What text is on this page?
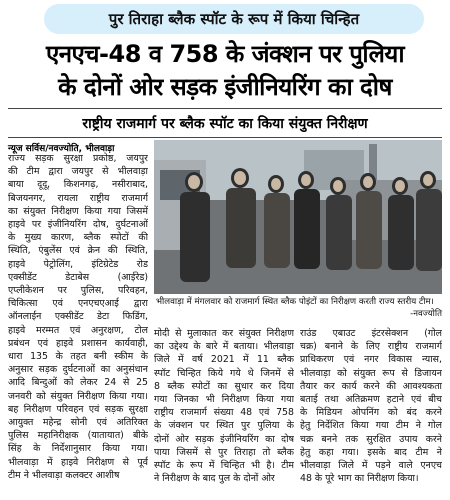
पुर तिराहा ब्लैक स्पॉट के रूप में किया चिन्हित
एनएच-48 व 758 के जंक्शन पर पुलिया
के दोनों ओर सड़क इंजीनियरिंग का दोष
राष्ट्रीय राजमार्ग पर ब्लैक स्पॉट का किया संयुक्त निरीक्षण
न्यूज सर्विस/नवज्योति, भीलवाड़ा
राज्य सड़क सुरक्षा प्रकोष्ठ, जयपुर
की टीम द्वारा जयपुर से भीलवाड़ा
बाया दूदू, किशनगढ़, नसीराबाद,
बिजयनगर, रायला राष्ट्रीय राजमार्ग
का संयुक्त निरीक्षण किया गया जिसमें
हाइवे पर इंजीनियरिंग दोष, दुर्घटनाओं
के मुख्य कारण, ब्लैक स्पोटों की
स्थिति, एंबुलेंस एवं क्रेन की स्थिति,
हाइवे पेट्रोलिंग, इंटिग्रेटेड रोड
एक्सीडेंट डेटाबेस (आईरेड)
एप्लीकेशन पर पुलिस, परिवहन,
चिकित्सा एवं एनएचएआई द्वारा
ऑनलाईन एक्सीडेंट डेटा फिडिंग,
हाइवे मरम्मत एवं अनुरक्षण, टोल
प्रबंधन एवं हाइवे प्रशासन कार्यवाही,
धारा 135 के तहत बनी स्कीम के
अनुसार सड़क दुर्घटनाओं का अनुसंधान
आदि बिन्दुओं को लेकर 24 से 25
जनवरी को संयुक्त निरीक्षण किया गया।
बह निरीक्षण परिवहन एवं सड़क सुरक्षा
आयुक्त महेन्द्र सोनी एवं अतिरिक्त
पुलिस महानिरीक्षक (यातायात) बीके
सिंह के निर्देशानुसार किया गया।
भीलवाड़ा में हाइवे निरीक्षण से पूर्व
टीम ने भीलवाड़ा कलक्टर आशीष
भीलवाड़ा में मंगलवार को राजमार्ग स्थित ब्लैक पोइंटों का निरीक्षण करती राज्य स्तरीय टीम।
-नवज्योति
मोदी से मुलाकात कर संयुक्त निरीक्षण
का उद्देश्य के बारे में बताया। भीलवाड़ा
जिले में वर्ष 2021 में 11 ब्लैक
स्पॉट चिन्हित किये गये थे जिनमें से
8 ब्लैक स्पोटों का सुधार कर दिया
गया जिनका भी निरीक्षण किया गया
राष्ट्रीय राजमार्ग संख्या 48 एवं 758
के जंक्शन पर स्थित पुर पुलिया के
दोनों ओर सड़क इंजीनियरिंग का दोष
पाया जिसमें से पुर तिराहा तो ब्लैक
स्पॉट के रूप में चिन्हित भी है। टीम
ने निरीक्षण के बाद पुल के दोनों ओर
राउंड एबाउट इंटरसेक्शन (गोल
चक्र) बनाने के लिए राष्ट्रीय राजमार्ग
प्राधिकरण एवं नगर विकास न्यास,
भीलवाड़ा को संयुक्त रूप से डिजायन
तैयार कर कार्य करने की आवश्यकता
बताई तथा अतिक्रमण हटाने एवं बीच
के मिडियन ओपनिंग को बंद करने
हेतु निर्देशित किया गया टीम ने गोल
चक्र बनने तक सुरक्षित उपाय करने
हेतु कहा गया। इसके बाद टीम ने
भीलवाड़ा जिले में पड़ने वाले एनएच
48 के पूरे भाग का निरीक्षण किया।
